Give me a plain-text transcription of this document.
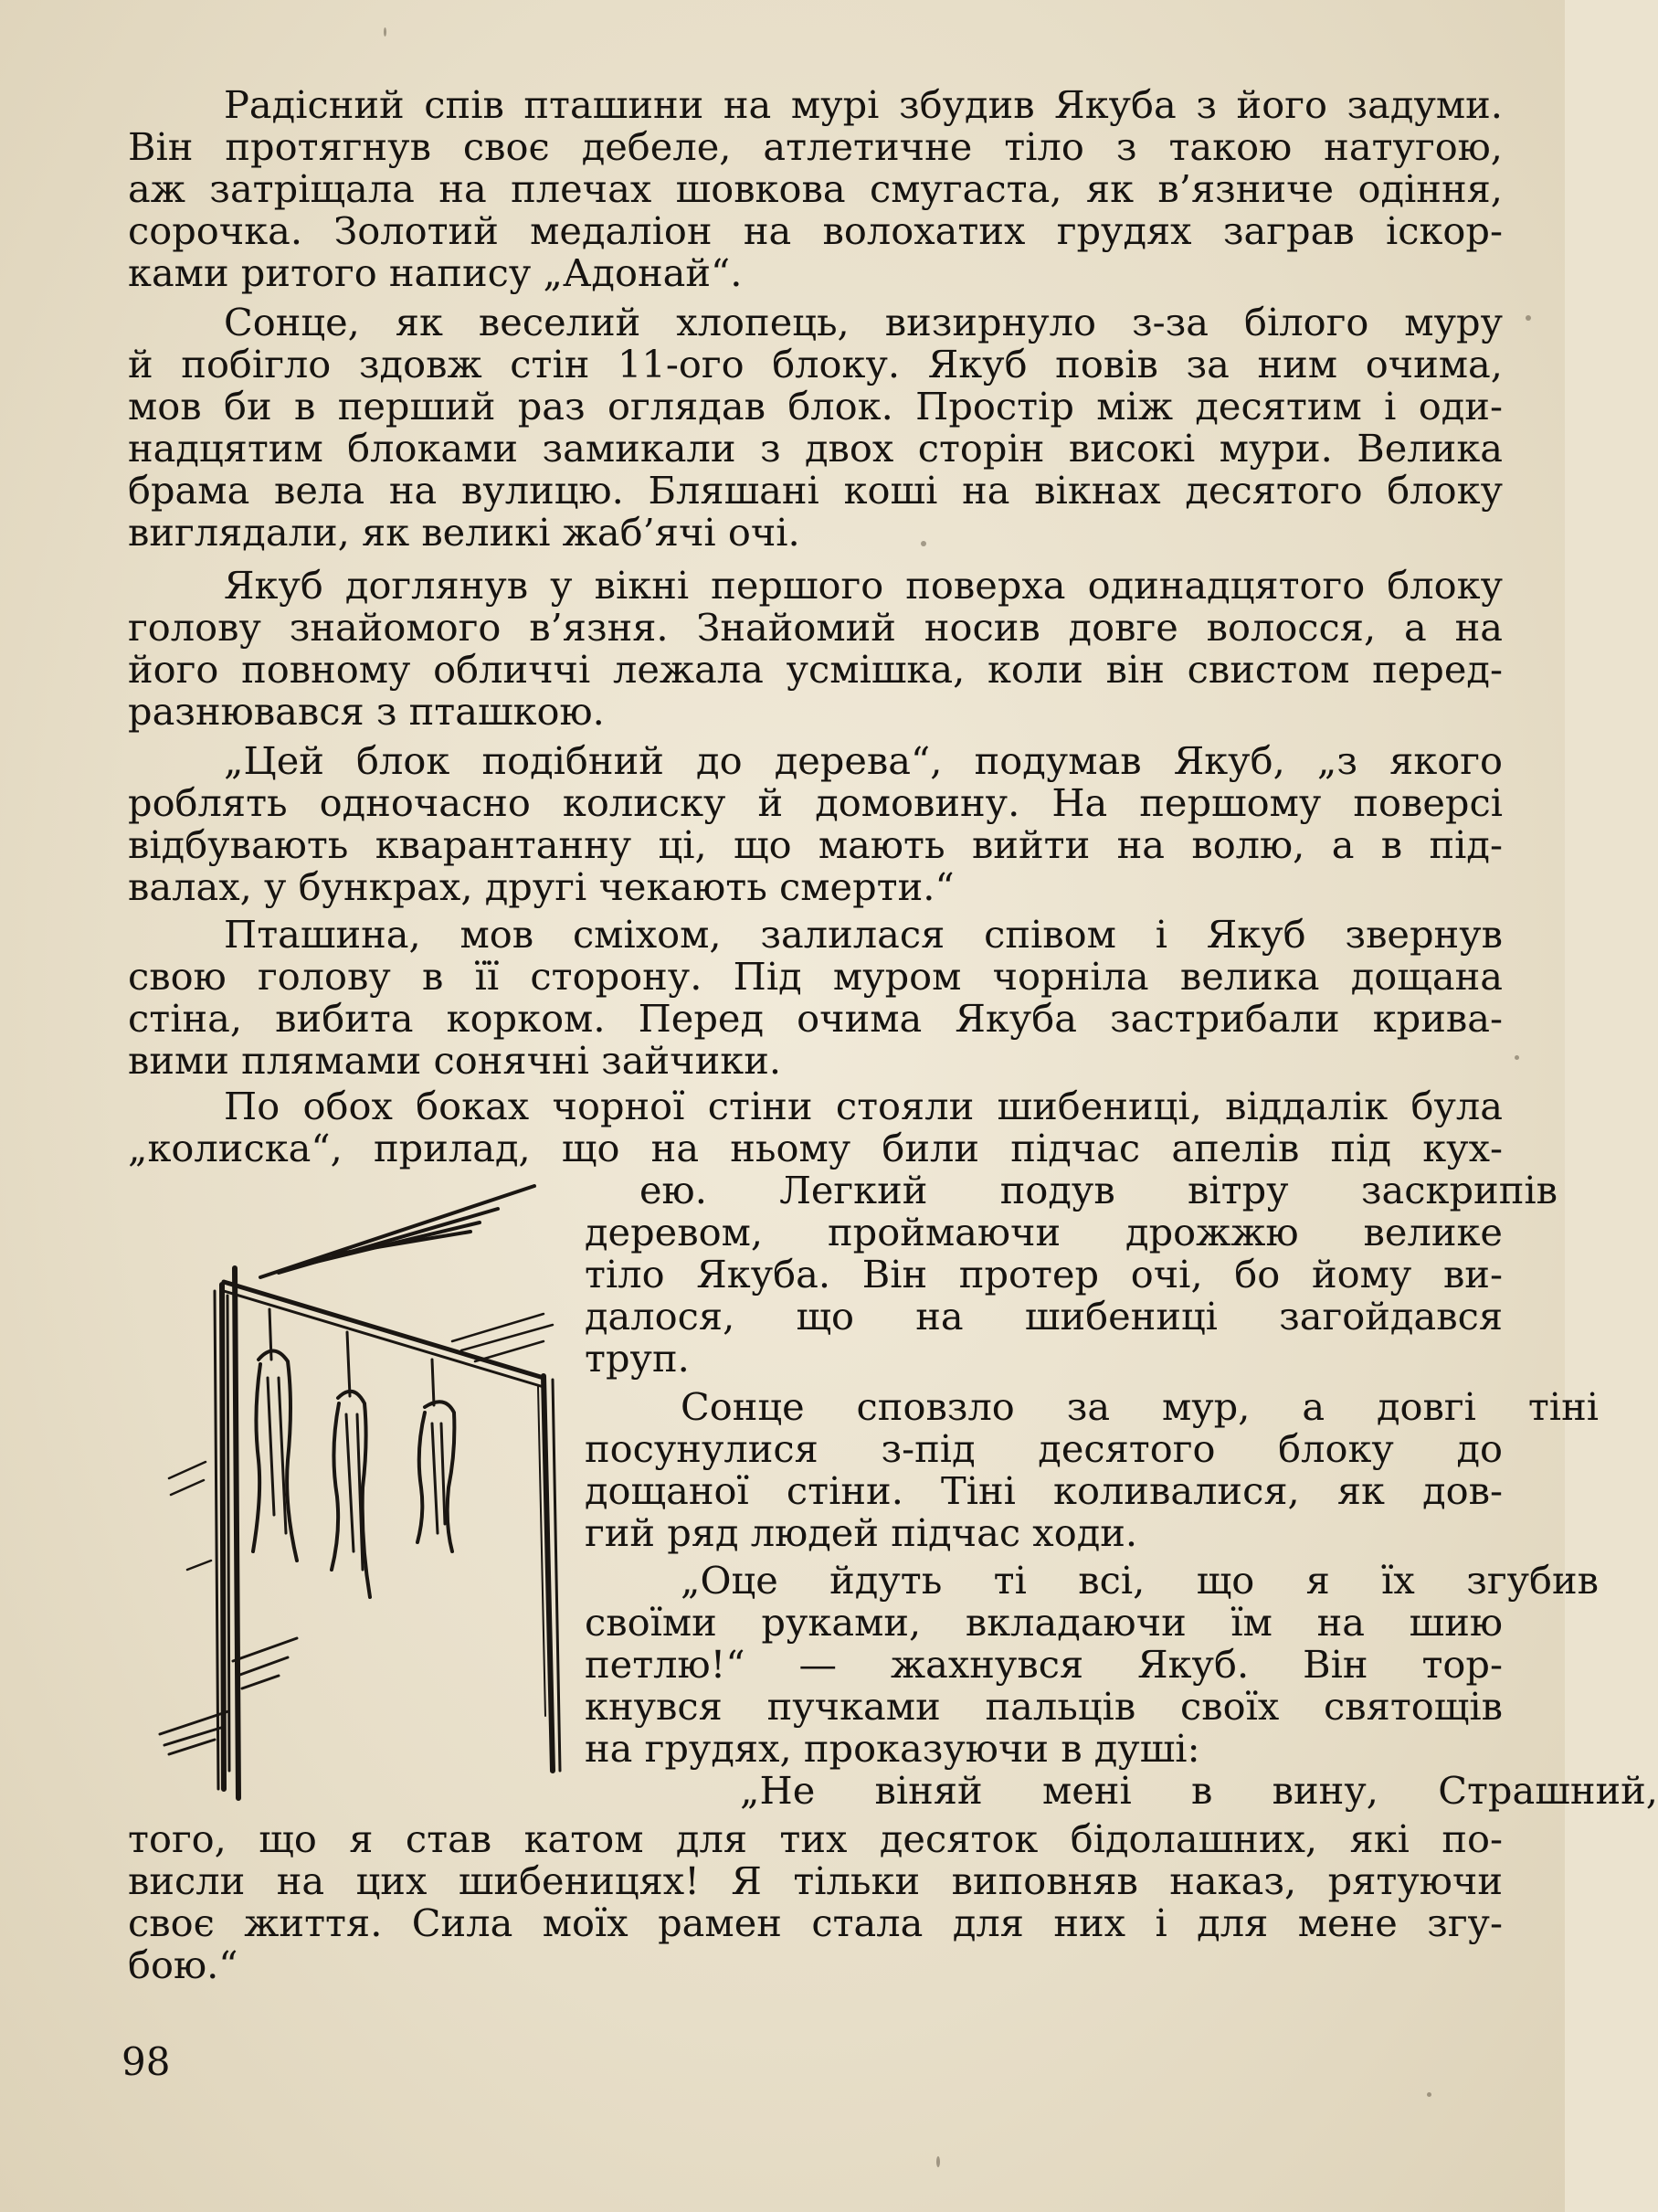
Радісний спів пташини на мурі збудив Якуба з його задуми.
Він протягнув своє дебеле, атлетичне тіло з такою натугою,
аж затріщала на плечах шовкова смугаста, як в’язниче одіння,
сорочка. Золотий медаліон на волохатих грудях заграв іскор-
ками ритого напису „Адонай“.

Сонце, як веселий хлопець, визирнуло з-за білого муру
й побігло здовж стін 11-ого блоку. Якуб повів за ним очима,
мов би в перший раз оглядав блок. Простір між десятим і оди-
надцятим блоками замикали з двох сторін високі мури. Велика
брама вела на вулицю. Бляшані коші на вікнах десятого блоку
виглядали, як великі жаб’ячі очі.

Якуб доглянув у вікні першого поверха одинадцятого блоку
голову знайомого в’язня. Знайомий носив довге волосся, а на
його повному обличчі лежала усмішка, коли він свистом перед-
разнювався з пташкою.

„Цей блок подібний до дерева“, подумав Якуб, „з якого
роблять одночасно колиску й домовину. На першому поверсі
відбувають кварантанну ці, що мають вийти на волю, а в під-
валах, у бункрах, другі чекають смерти.“

Пташина, мов сміхом, залилася співом і Якуб звернув
свою голову в її сторону. Під муром чорніла велика дощана
стіна, вибита корком. Перед очима Якуба застрибали крива-
вими плямами сонячні зайчики.

По обох боках чорної стіни стояли шибениці, віддалік була
„колиска“, прилад, що на ньому били підчас апелів під кух-

ею. Легкий подув вітру заскрипів
деревом, проймаючи дрожжю велике
тіло Якуба. Він протер очі, бо йому ви-
далося, що на шибениці загойдався
труп.

Сонце сповзло за мур, а довгі тіні
посунулися з-під десятого блоку до
дощаної стіни. Тіні коливалися, як дов-
гий ряд людей підчас ходи.

„Оце йдуть ті всі, що я їх згубив
своїми руками, вкладаючи їм на шию
петлю!“ — жахнувся Якуб. Він тор-
кнувся пучками пальців своїх святощів
на грудях, проказуючи в душі:
„Не віняй мені в вину, Страшний,

того, що я став катом для тих десяток бідолашних, які по-
висли на цих шибеницях! Я тільки виповняв наказ, рятуючи
своє життя. Сила моїх рамен стала для них і для мене згу-
бою.“

98
